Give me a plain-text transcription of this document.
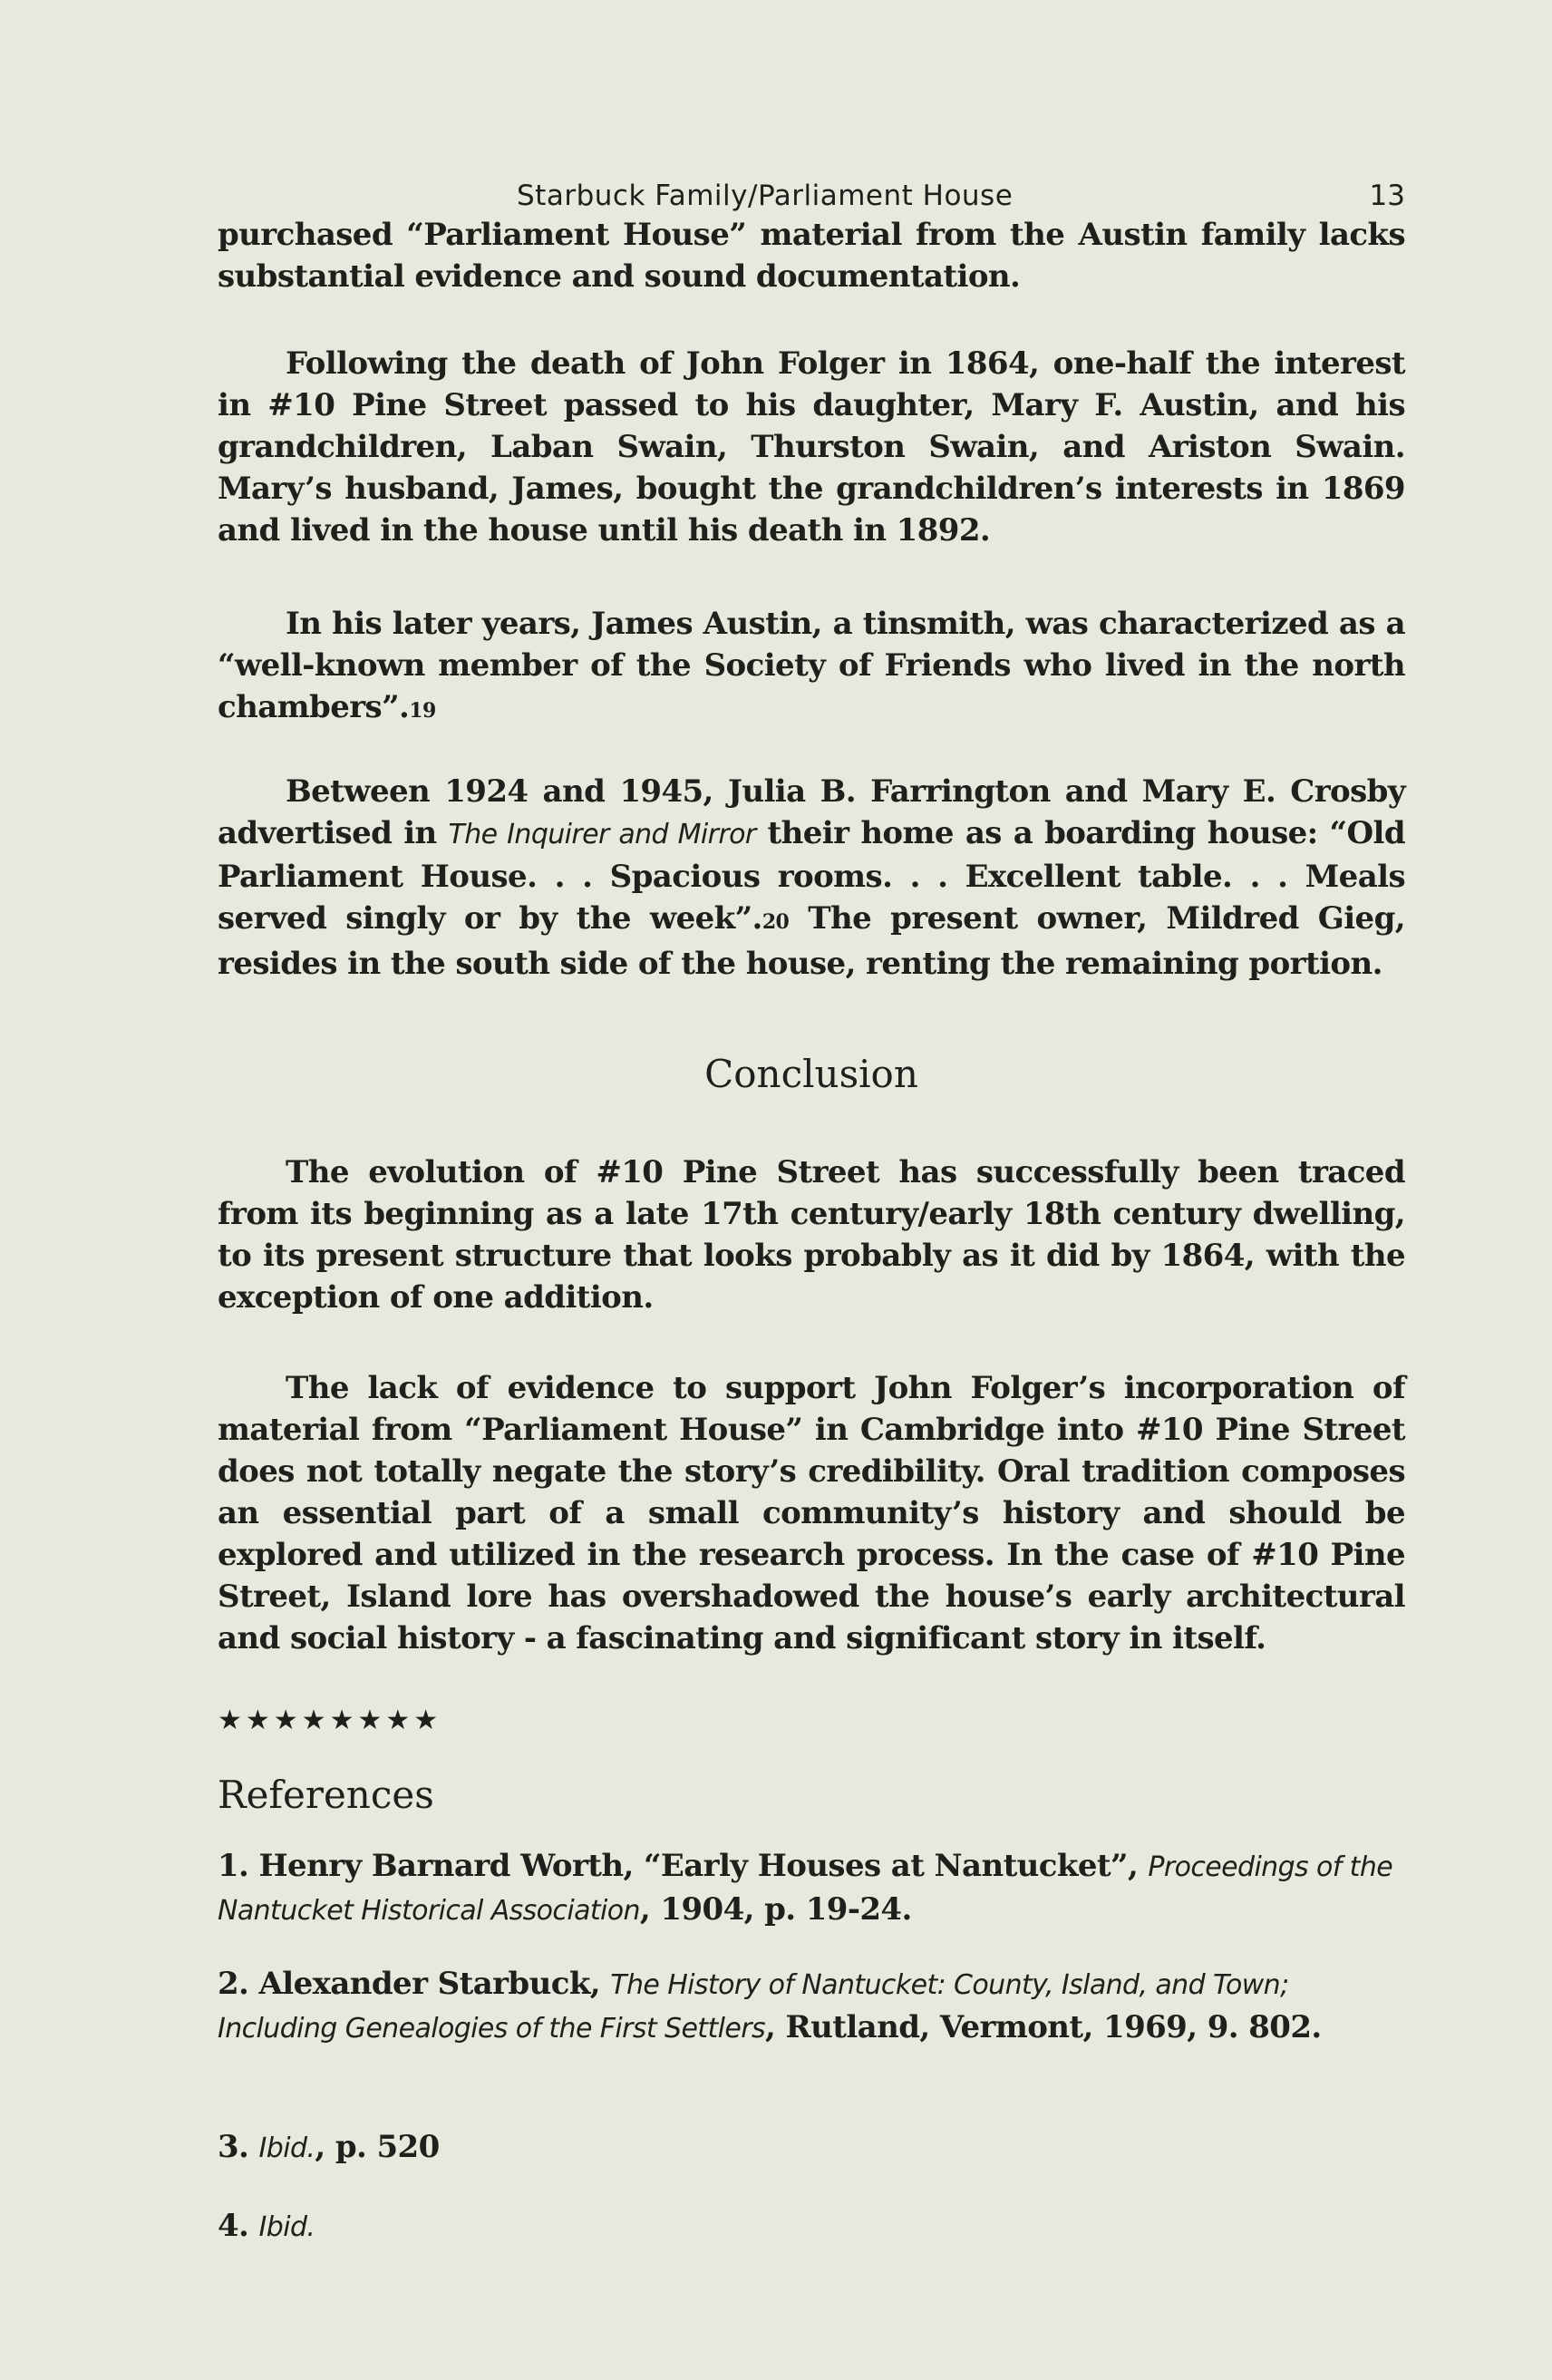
Starbuck Family/Parliament House	13

purchased “Parliament House” material from the Austin family lacks substantial evidence and sound documentation.

Following the death of John Folger in 1864, one-half the interest in #10 Pine Street passed to his daughter, Mary F. Austin, and his grandchildren, Laban Swain, Thurston Swain, and Ariston Swain. Mary’s husband, James, bought the grandchildren’s interests in 1869 and lived in the house until his death in 1892.

In his later years, James Austin, a tinsmith, was characterized as a “well-known member of the Society of Friends who lived in the north chambers”.19

Between 1924 and 1945, Julia B. Farrington and Mary E. Crosby advertised in The Inquirer and Mirror their home as a boarding house: “Old Parliament House. . . Spacious rooms. . . Excellent table. . . Meals served singly or by the week”.20 The present owner, Mildred Gieg, resides in the south side of the house, renting the remaining portion.

Conclusion

The evolution of #10 Pine Street has successfully been traced from its beginning as a late 17th century/early 18th century dwelling, to its present structure that looks probably as it did by 1864, with the exception of one addition.

The lack of evidence to support John Folger’s incorporation of material from “Parliament House” in Cambridge into #10 Pine Street does not totally negate the story’s credibility. Oral tradition composes an essential part of a small community’s history and should be explored and utilized in the research process. In the case of #10 Pine Street, Island lore has overshadowed the house’s early architectural and social history - a fascinating and significant story in itself.

★★★★★★★★
References

1. Henry Barnard Worth, “Early Houses at Nantucket”, Proceedings of the Nantucket Historical Association, 1904, p. 19-24.

2. Alexander Starbuck, The History of Nantucket: County, Island, and Town; Including Genealogies of the First Settlers, Rutland, Vermont, 1969, 9. 802.

3. Ibid., p. 520

4. Ibid.
